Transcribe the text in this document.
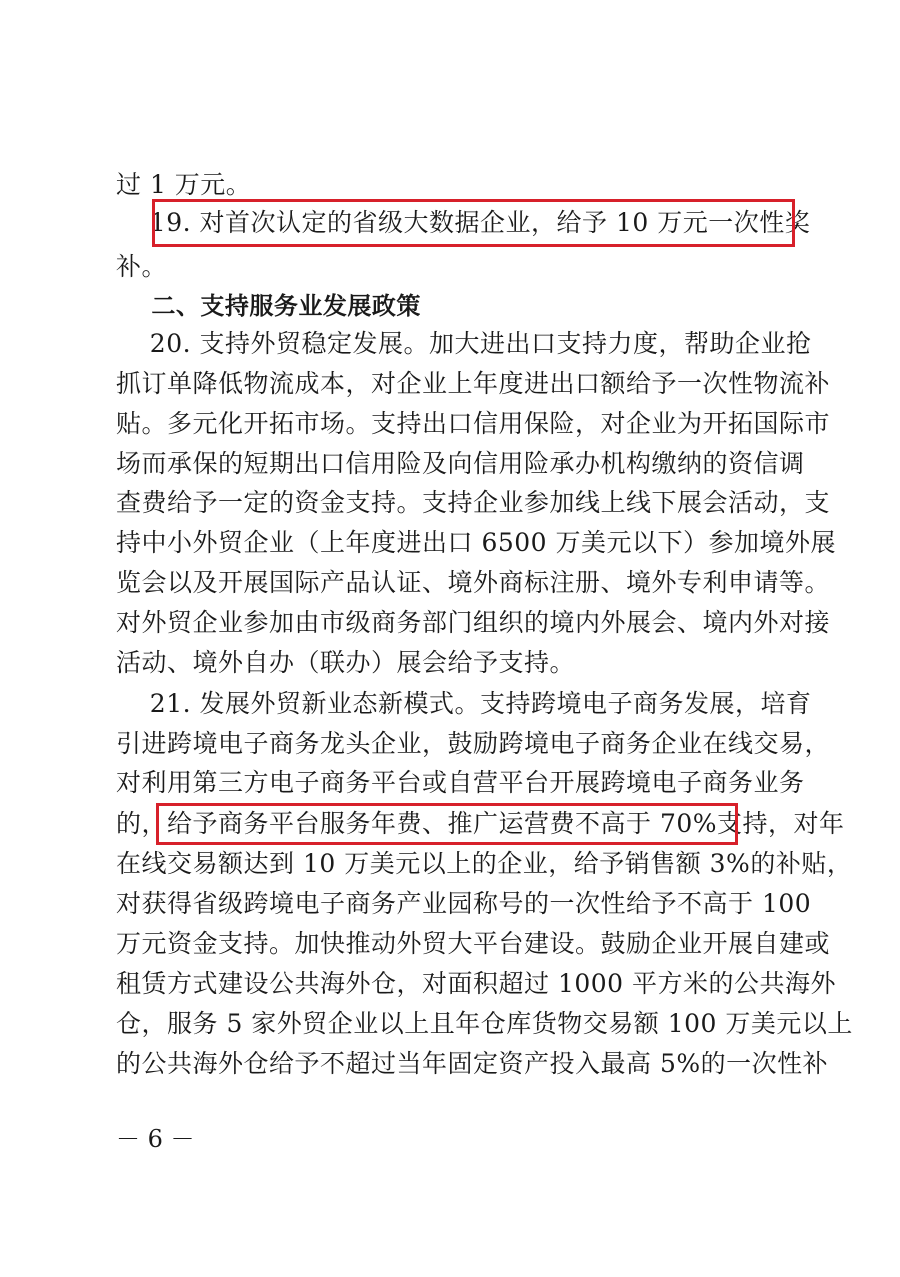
过 1 万元。
19. 对首次认定的省级大数据企业，给予 10 万元一次性奖
补。
二、支持服务业发展政策
20. 支持外贸稳定发展。加大进出口支持力度，帮助企业抢
抓订单降低物流成本，对企业上年度进出口额给予一次性物流补
贴。多元化开拓市场。支持出口信用保险，对企业为开拓国际市
场而承保的短期出口信用险及向信用险承办机构缴纳的资信调
查费给予一定的资金支持。支持企业参加线上线下展会活动，支
持中小外贸企业（上年度进出口 6500 万美元以下）参加境外展
览会以及开展国际产品认证、境外商标注册、境外专利申请等。
对外贸企业参加由市级商务部门组织的境内外展会、境内外对接
活动、境外自办（联办）展会给予支持。
21. 发展外贸新业态新模式。支持跨境电子商务发展，培育
引进跨境电子商务龙头企业，鼓励跨境电子商务企业在线交易，
对利用第三方电子商务平台或自营平台开展跨境电子商务业务
的，给予商务平台服务年费、推广运营费不高于 70%支持，对年
在线交易额达到 10 万美元以上的企业，给予销售额 3%的补贴，
对获得省级跨境电子商务产业园称号的一次性给予不高于 100
万元资金支持。加快推动外贸大平台建设。鼓励企业开展自建或
租赁方式建设公共海外仓，对面积超过 1000 平方米的公共海外
仓，服务 5 家外贸企业以上且年仓库货物交易额 100 万美元以上
的公共海外仓给予不超过当年固定资产投入最高 5%的一次性补
－ 6 －
